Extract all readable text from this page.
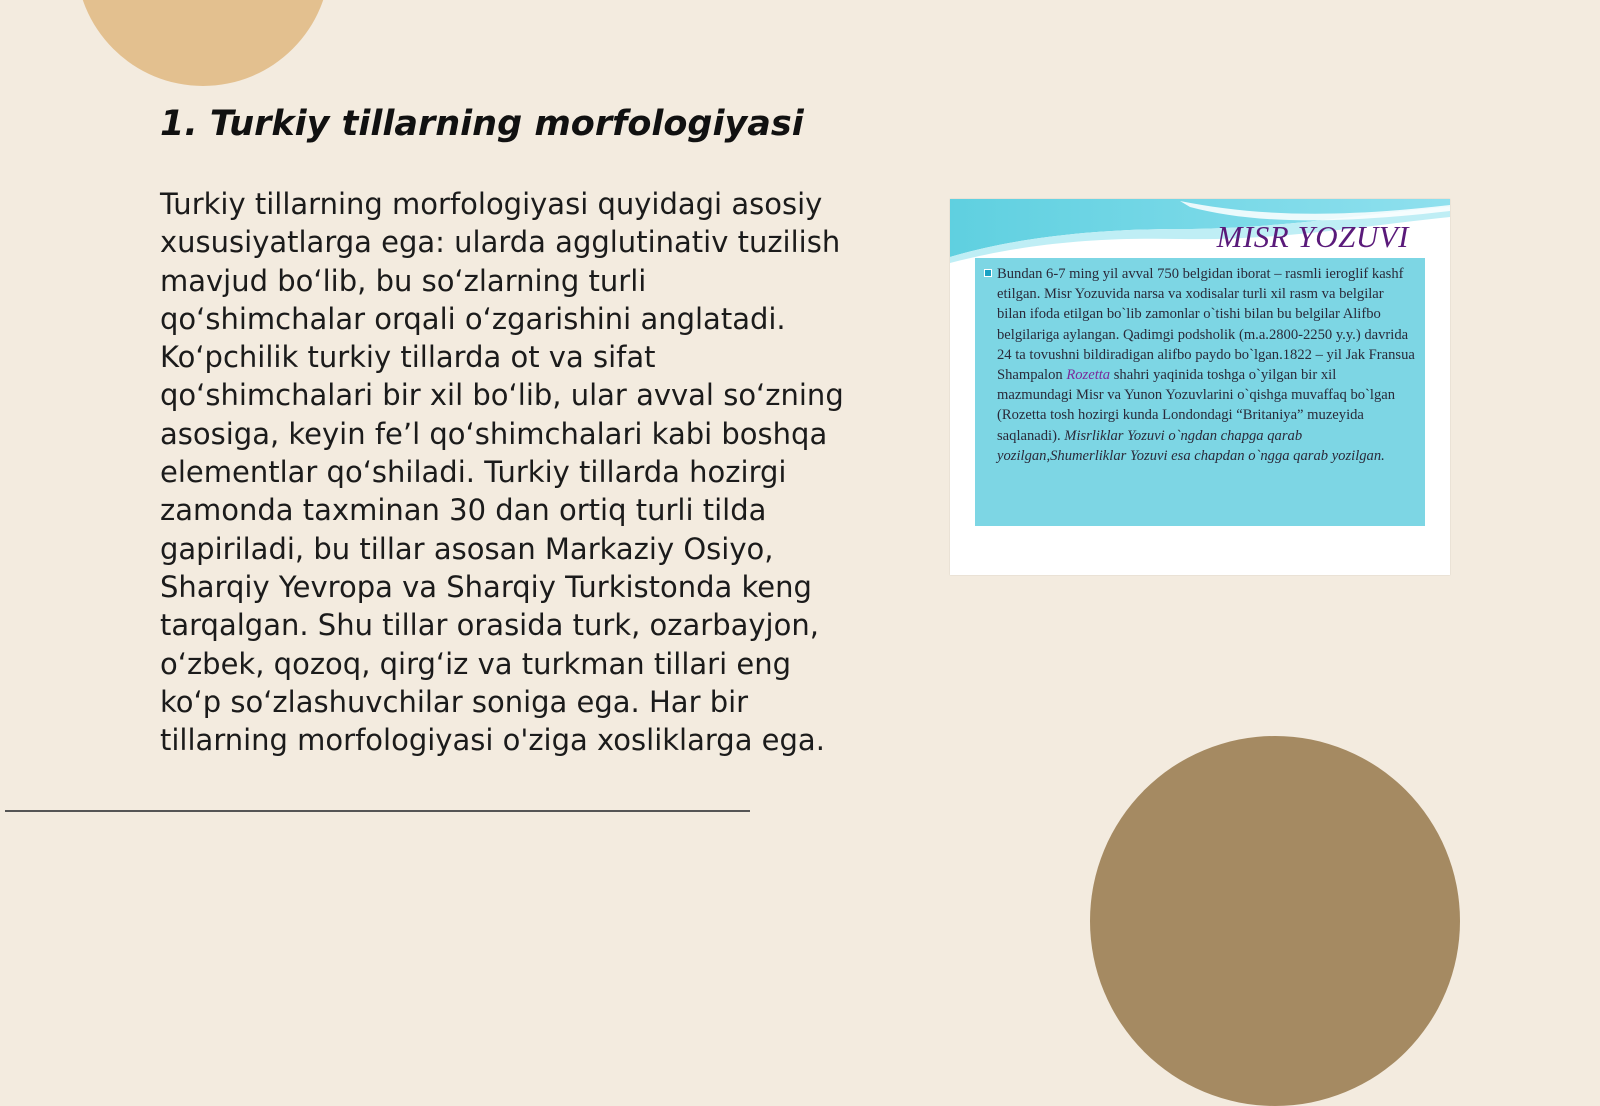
1. Turkiy tillarning morfologiyasi

Turkiy tillarning morfologiyasi quyidagi asosiy xususiyatlarga ega: ularda agglutinativ tuzilish mavjud bo‘lib, bu so‘zlarning turli qo‘shimchalar orqali o‘zgarishini anglatadi. Ko‘pchilik turkiy tillarda ot va sifat qo‘shimchalari bir xil bo‘lib, ular avval so‘zning asosiga, keyin fe’l qo‘shimchalari kabi boshqa elementlar qo‘shiladi. Turkiy tillarda hozirgi zamonda taxminan 30 dan ortiq turli tilda gapiriladi, bu tillar asosan Markaziy Osiyo, Sharqiy Yevropa va Sharqiy Turkistonda keng tarqalgan. Shu tillar orasida turk, ozarbayjon, o‘zbek, qozoq, qirg‘iz va turkman tillari eng ko‘p so‘zlashuvchilar soniga ega. Har bir tillarning morfologiyasi o'ziga xosliklarga ega.

MISR YOZUVI

Bundan 6-7 ming yil avval 750 belgidan iborat – rasmli ieroglif kashf etilgan. Misr Yozuvida narsa va xodisalar turli xil rasm va belgilar bilan ifoda etilgan bo`lib zamonlar o`tishi bilan bu belgilar Alifbo belgilariga aylangan. Qadimgi podsholik (m.a.2800-2250 y.y.) davrida 24 ta tovushni bildiradigan alifbo paydo bo`lgan.1822 – yil Jak Fransua Shampalon Rozetta shahri yaqinida toshga o`yilgan bir xil mazmundagi Misr va Yunon Yozuvlarini o`qishga muvaffaq bo`lgan (Rozetta tosh hozirgi kunda Londondagi “Britaniya” muzeyida saqlanadi). Misrliklar Yozuvi o`ngdan chapga qarab yozilgan,Shumerliklar Yozuvi esa chapdan o`ngga qarab yozilgan.
